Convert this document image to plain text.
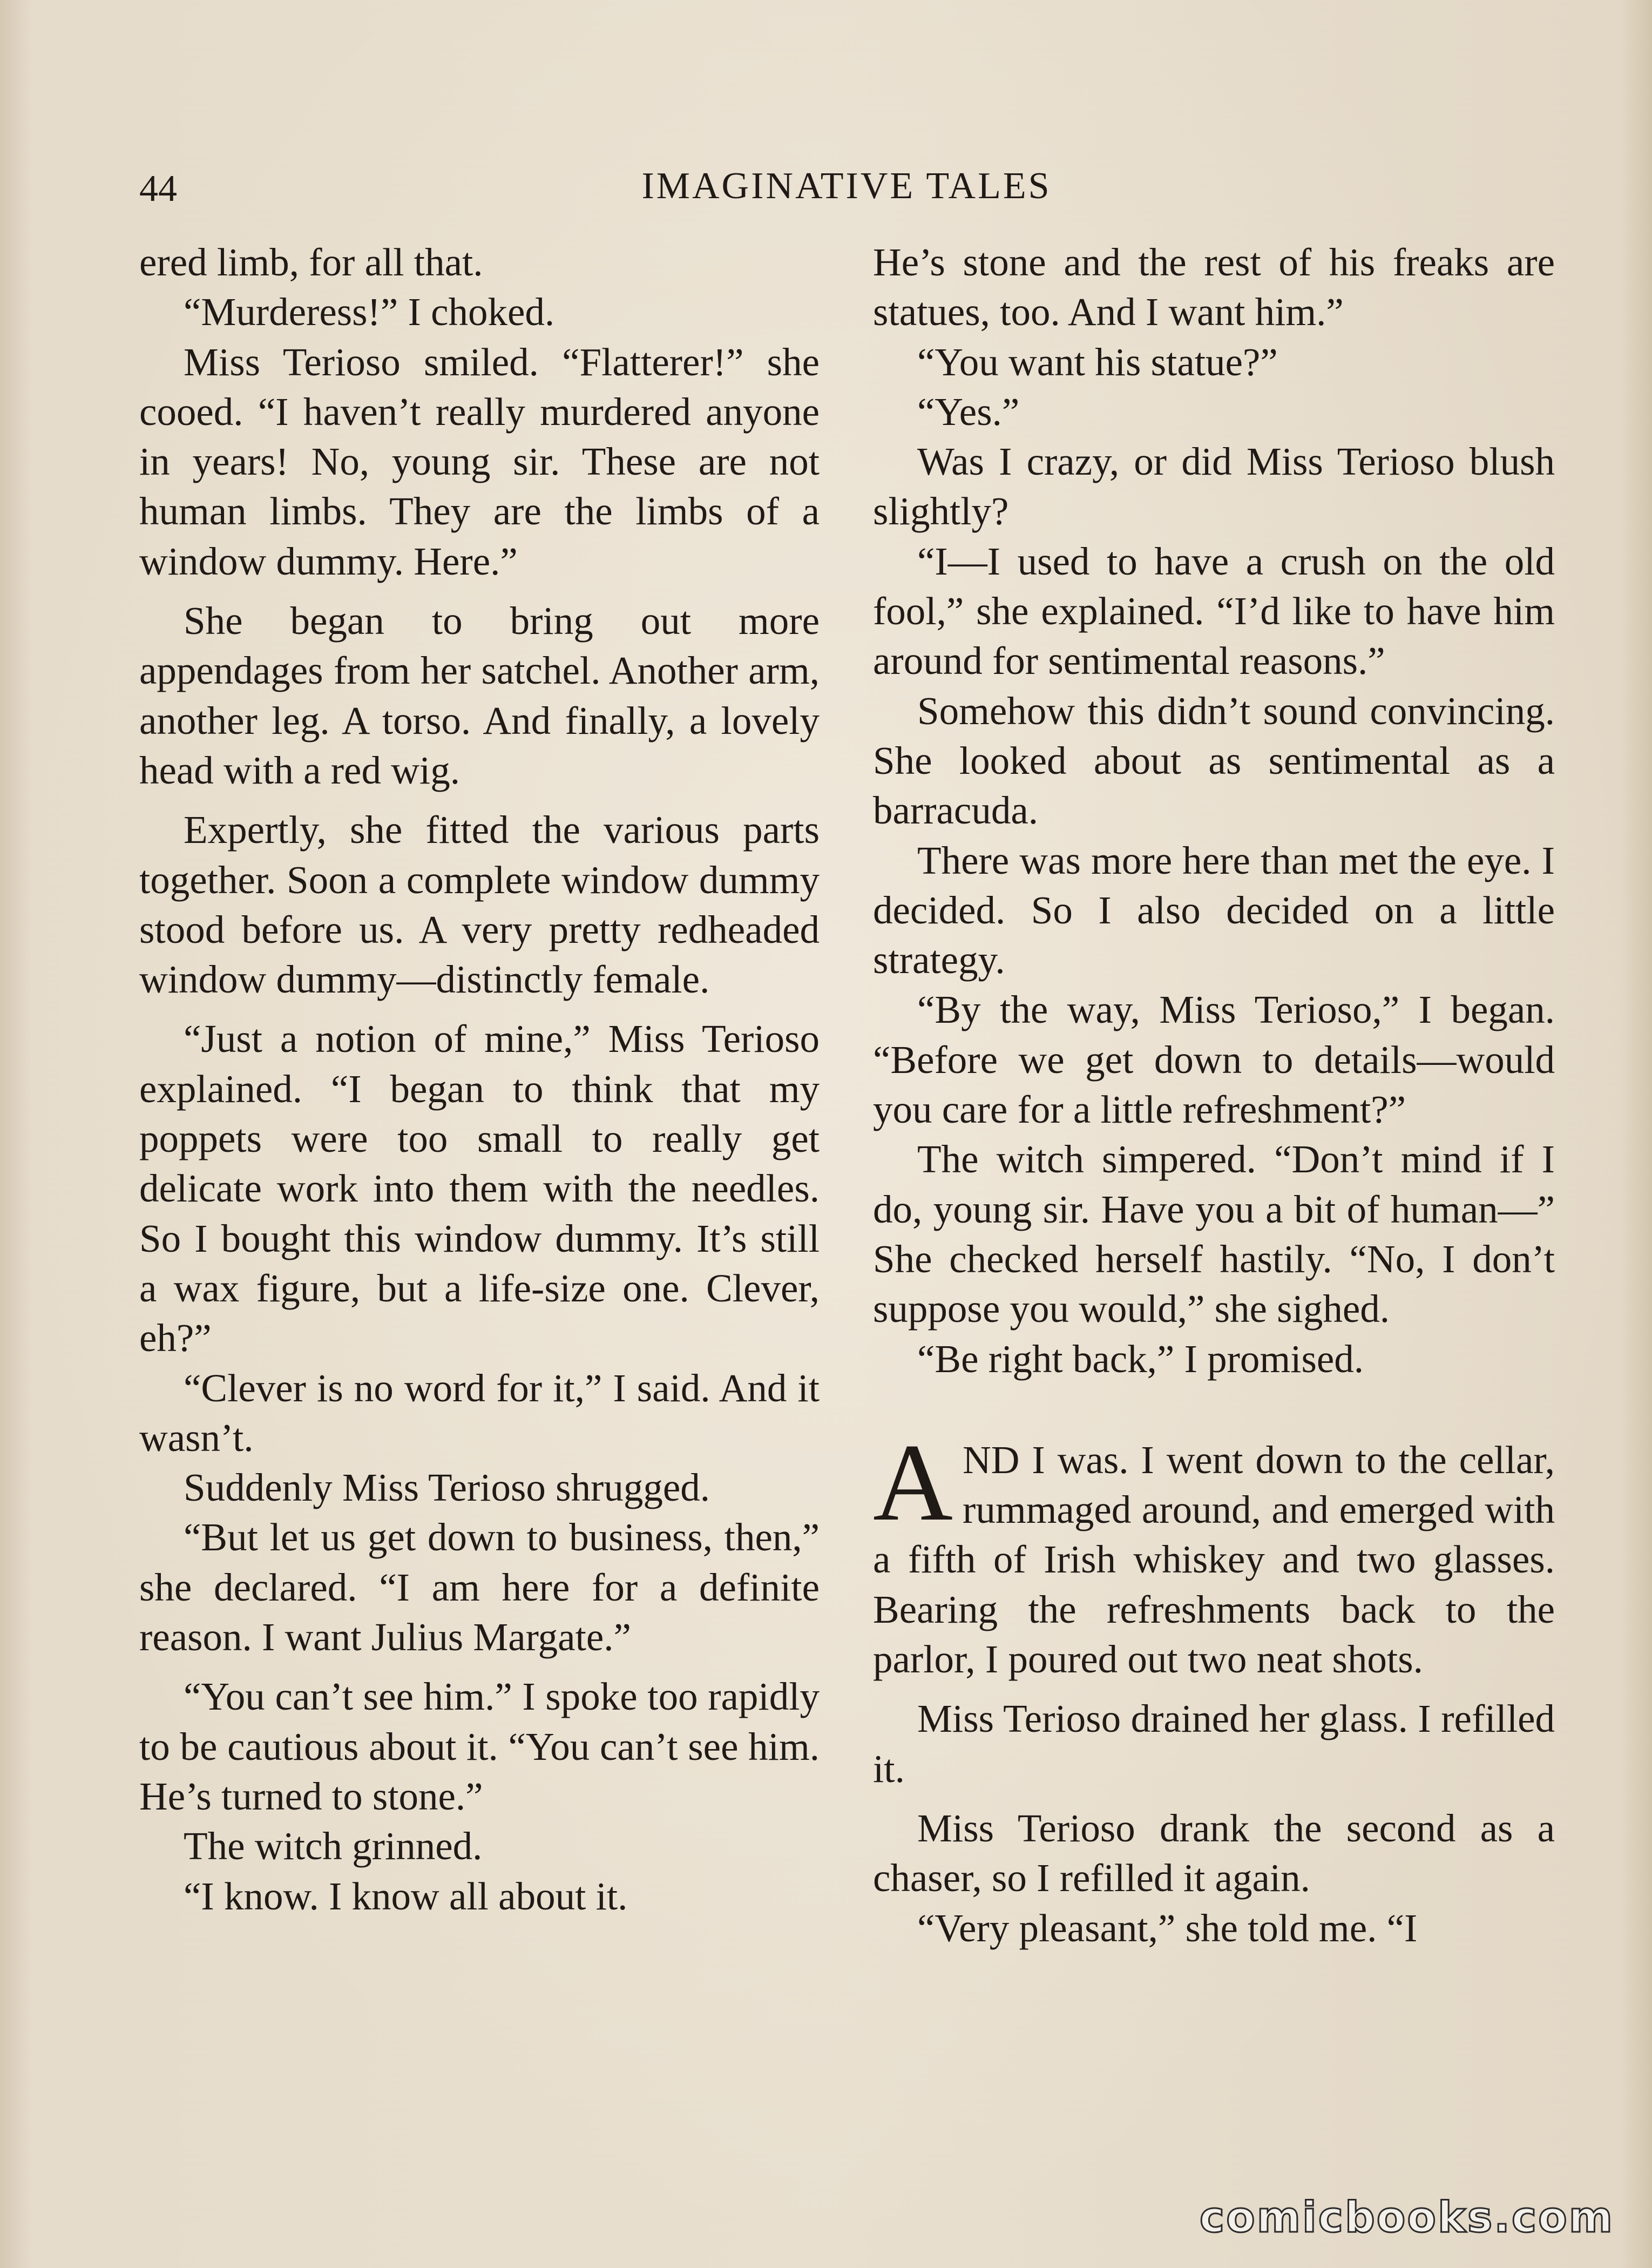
44	IMAGINATIVE TALES

ered limb, for all that.

“Murderess!” I choked.

Miss Terioso smiled. “Flatterer!” she cooed. “I haven’t really murdered anyone in years! No, young sir. These are not human limbs. They are the limbs of a window dummy. Here.”

She began to bring out more appendages from her satchel. Another arm, another leg. A torso. And finally, a lovely head with a red wig.

Expertly, she fitted the various parts together. Soon a complete window dummy stood before us. A very pretty redheaded window dummy—distinctly female.

“Just a notion of mine,” Miss Terioso explained. “I began to think that my poppets were too small to really get delicate work into them with the needles. So I bought this window dummy. It’s still a wax figure, but a life-size one. Clever, eh?”

“Clever is no word for it,” I said. And it wasn’t.

Suddenly Miss Terioso shrugged.

“But let us get down to business, then,” she declared. “I am here for a definite reason. I want Julius Margate.”

“You can’t see him.” I spoke too rapidly to be cautious about it. “You can’t see him. He’s turned to stone.”

The witch grinned.

“I know. I know all about it.

He’s stone and the rest of his freaks are statues, too. And I want him.”

“You want his statue?”

“Yes.”

Was I crazy, or did Miss Terioso blush slightly?

“I—I used to have a crush on the old fool,” she explained. “I’d like to have him around for sentimental reasons.”

Somehow this didn’t sound convincing. She looked about as sentimental as a barracuda.

There was more here than met the eye. I decided. So I also decided on a little strategy.

“By the way, Miss Terioso,” I began. “Before we get down to details—would you care for a little refreshment?”

The witch simpered. “Don’t mind if I do, young sir. Have you a bit of human—” She checked herself hastily. “No, I don’t suppose you would,” she sighed.

“Be right back,” I promised.

AND I was. I went down to the cellar, rummaged around, and emerged with a fifth of Irish whiskey and two glasses. Bearing the refreshments back to the parlor, I poured out two neat shots.

Miss Terioso drained her glass. I refilled it.

Miss Terioso drank the second as a chaser, so I refilled it again.

“Very pleasant,” she told me. “I

comicbooks.com
